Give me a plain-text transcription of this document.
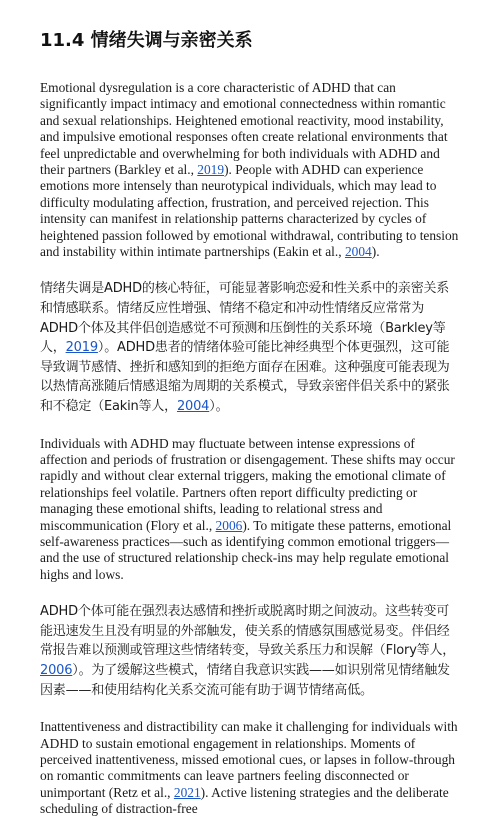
11.4 情绪失调与亲密关系

Emotional dysregulation is a core characteristic of ADHD that can significantly impact intimacy and emotional connectedness within romantic and sexual relationships. Heightened emotional reactivity, mood instability, and impulsive emotional responses often create relational environments that feel unpredictable and overwhelming for both individuals with ADHD and their partners (Barkley et al., 2019). People with ADHD can experience emotions more intensely than neurotypical individuals, which may lead to difficulty modulating affection, frustration, and perceived rejection. This intensity can manifest in relationship patterns characterized by cycles of heightened passion followed by emotional withdrawal, contributing to tension and instability within intimate partnerships (Eakin et al., 2004).

情绪失调是ADHD的核心特征，可能显著影响恋爱和性关系中的亲密关系和情感联系。情绪反应性增强、情绪不稳定和冲动性情绪反应常常为ADHD个体及其伴侣创造感觉不可预测和压倒性的关系环境（Barkley等人，2019）。ADHD患者的情绪体验可能比神经典型个体更强烈，这可能导致调节感情、挫折和感知到的拒绝方面存在困难。这种强度可能表现为以热情高涨随后情感退缩为周期的关系模式，导致亲密伴侣关系中的紧张和不稳定（Eakin等人，2004）。

Individuals with ADHD may fluctuate between intense expressions of affection and periods of frustration or disengagement. These shifts may occur rapidly and without clear external triggers, making the emotional climate of relationships feel volatile. Partners often report difficulty predicting or managing these emotional shifts, leading to relational stress and miscommunication (Flory et al., 2006). To mitigate these patterns, emotional self-awareness practices—such as identifying common emotional triggers—and the use of structured relationship check-ins may help regulate emotional highs and lows.

ADHD个体可能在强烈表达感情和挫折或脱离时期之间波动。这些转变可能迅速发生且没有明显的外部触发，使关系的情感氛围感觉易变。伴侣经常报告难以预测或管理这些情绪转变，导致关系压力和误解（Flory等人，2006）。为了缓解这些模式，情绪自我意识实践——如识别常见情绪触发因素——和使用结构化关系交流可能有助于调节情绪高低。

Inattentiveness and distractibility can make it challenging for individuals with ADHD to sustain emotional engagement in relationships. Moments of perceived inattentiveness, missed emotional cues, or lapses in follow-through on romantic commitments can leave partners feeling disconnected or unimportant (Retz et al., 2021). Active listening strategies and the deliberate scheduling of distraction-free
